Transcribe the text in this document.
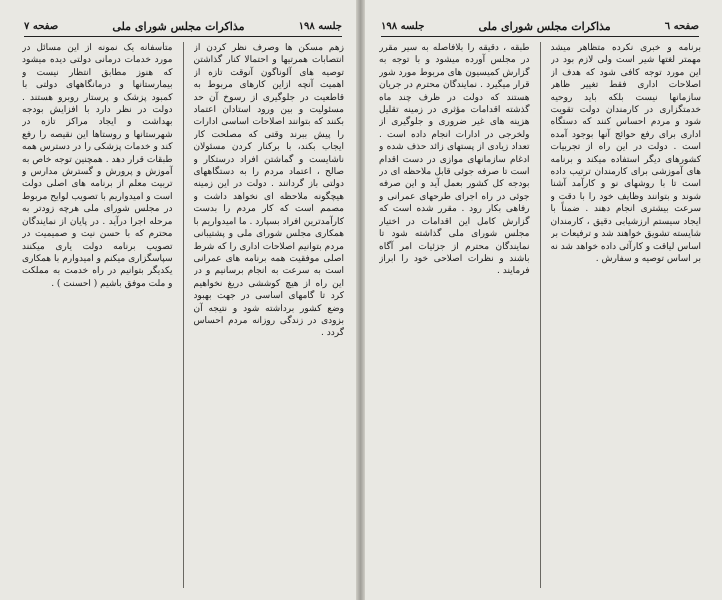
صفحه ٦
مذاکرات مجلس شورای ملی
جلسه ۱۹۸

برنامه و خبری نکرده متظاهر میشد مهمتر لغتها شیر است ولی لازم بود در این مورد توجه کافی شود که هدف از اصلاحات اداری فقط تغییر ظاهر سازمانها نیست بلکه باید روحیه خدمتگزاری در کارمندان دولت تقویت شود و مردم احساس کنند که دستگاه اداری برای رفع حوائج آنها بوجود آمده است . دولت در این راه از تجربیات کشورهای دیگر استفاده میکند و برنامه های آموزشی برای کارمندان ترتیب داده است تا با روشهای نو و کارآمد آشنا شوند و بتوانند وظایف خود را با دقت و سرعت بیشتری انجام دهند . ضمناً با ایجاد سیستم ارزشیابی دقیق ، کارمندان شایسته تشویق خواهند شد و ترفیعات بر اساس لیاقت و کارآئی داده خواهد شد نه بر اساس توصیه و سفارش .

طبقه ، دقیقه را بلافاصله به سیر مقرر در مجلس آورده میشود و با توجه به گزارش کمیسیون های مربوط مورد شور قرار میگیرد . نمایندگان محترم در جریان هستند که دولت در ظرف چند ماه گذشته اقدامات مؤثری در زمینه تقلیل هزینه های غیر ضروری و جلوگیری از ولخرجی در ادارات انجام داده است . تعداد زیادی از پستهای زائد حذف شده و ادغام سازمانهای موازی در دست اقدام است تا صرفه جوئی قابل ملاحظه ای در بودجه کل کشور بعمل آید و این صرفه جوئی در راه اجرای طرحهای عمرانی و رفاهی بکار رود . مقرر شده است که گزارش کامل این اقدامات در اختیار مجلس شورای ملی گذاشته شود تا نمایندگان محترم از جزئیات امر آگاه باشند و نظرات اصلاحی خود را ابراز فرمایند .

جلسه ۱۹۸
مذاکرات مجلس شورای ملی
صفحه ۷

زهم مسکن ها وصرف نظر کردن از انتصابات همرتیها و احتمالا کنار گذاشتن توصیه های آلوناگون آنوقت تازه از اهمیت آنچه ازاین کارهای مربوط به قاطعیت در جلوگیری از رسوخ آن حد مسئولیت و بین ورود استادان اعتماد بکنند که بتوانند اصلاحات اساسی ادارات را پیش ببرند وقتی که مصلحت کار ایجاب بکند، با برکنار کردن مسئولان ناشایست و گماشتن افراد درستکار و صالح ، اعتماد مردم را به دستگاههای دولتی باز گردانند . دولت در این زمینه هیچگونه ملاحظه ای نخواهد داشت و مصمم است که کار مردم را بدست کارآمدترین افراد بسپارد . ما امیدواریم با همکاری مجلس شورای ملی و پشتیبانی مردم بتوانیم اصلاحات اداری را که شرط اصلی موفقیت همه برنامه های عمرانی است به سرعت به انجام برسانیم و در این راه از هیچ کوششی دریغ نخواهیم کرد تا گامهای اساسی در جهت بهبود وضع کشور برداشته شود و نتیجه آن بزودی در زندگی روزانه مردم احساس گردد .

متأسفانه یک نمونه از این مسائل در مورد خدمات درمانی دولتی دیده میشود که هنوز مطابق انتظار نیست و بیمارستانها و درمانگاههای دولتی با کمبود پزشک و پرستار روبرو هستند . دولت در نظر دارد با افزایش بودجه بهداشت و ایجاد مراکز تازه در شهرستانها و روستاها این نقیصه را رفع کند و خدمات پزشکی را در دسترس همه طبقات قرار دهد . همچنین توجه خاص به آموزش و پرورش و گسترش مدارس و تربیت معلم از برنامه های اصلی دولت است و امیدواریم با تصویب لوایح مربوط در مجلس شورای ملی هرچه زودتر به مرحله اجرا درآید . در پایان از نمایندگان محترم که با حسن نیت و صمیمیت در تصویب برنامه دولت یاری میکنند سپاسگزاری میکنم و امیدوارم با همکاری یکدیگر بتوانیم در راه خدمت به مملکت و ملت موفق باشیم ( احسنت ) .
